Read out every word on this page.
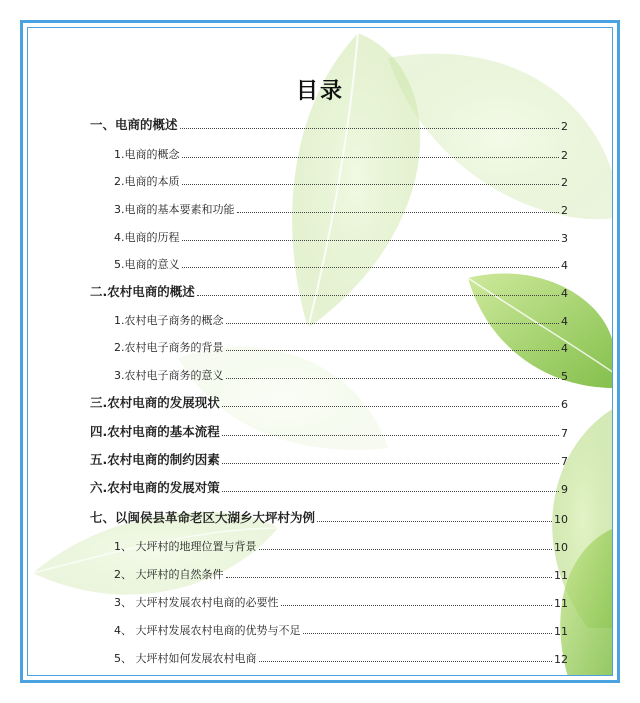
目录
一、电商的概述	2
1.电商的概念	2
2.电商的本质	2
3.电商的基本要素和功能	2
4.电商的历程	3
5.电商的意义	4
二.农村电商的概述	4
1.农村电子商务的概念	4
2.农村电子商务的背景	4
3.农村电子商务的意义	5
三.农村电商的发展现状	6
四.农村电商的基本流程	7
五.农村电商的制约因素	7
六.农村电商的发展对策	9
七、以闽侯县革命老区大湖乡大坪村为例	10
1、 大坪村的地理位置与背景	10
2、 大坪村的自然条件	11
3、 大坪村发展农村电商的必要性	11
4、 大坪村发展农村电商的优势与不足	11
5、 大坪村如何发展农村电商	12
